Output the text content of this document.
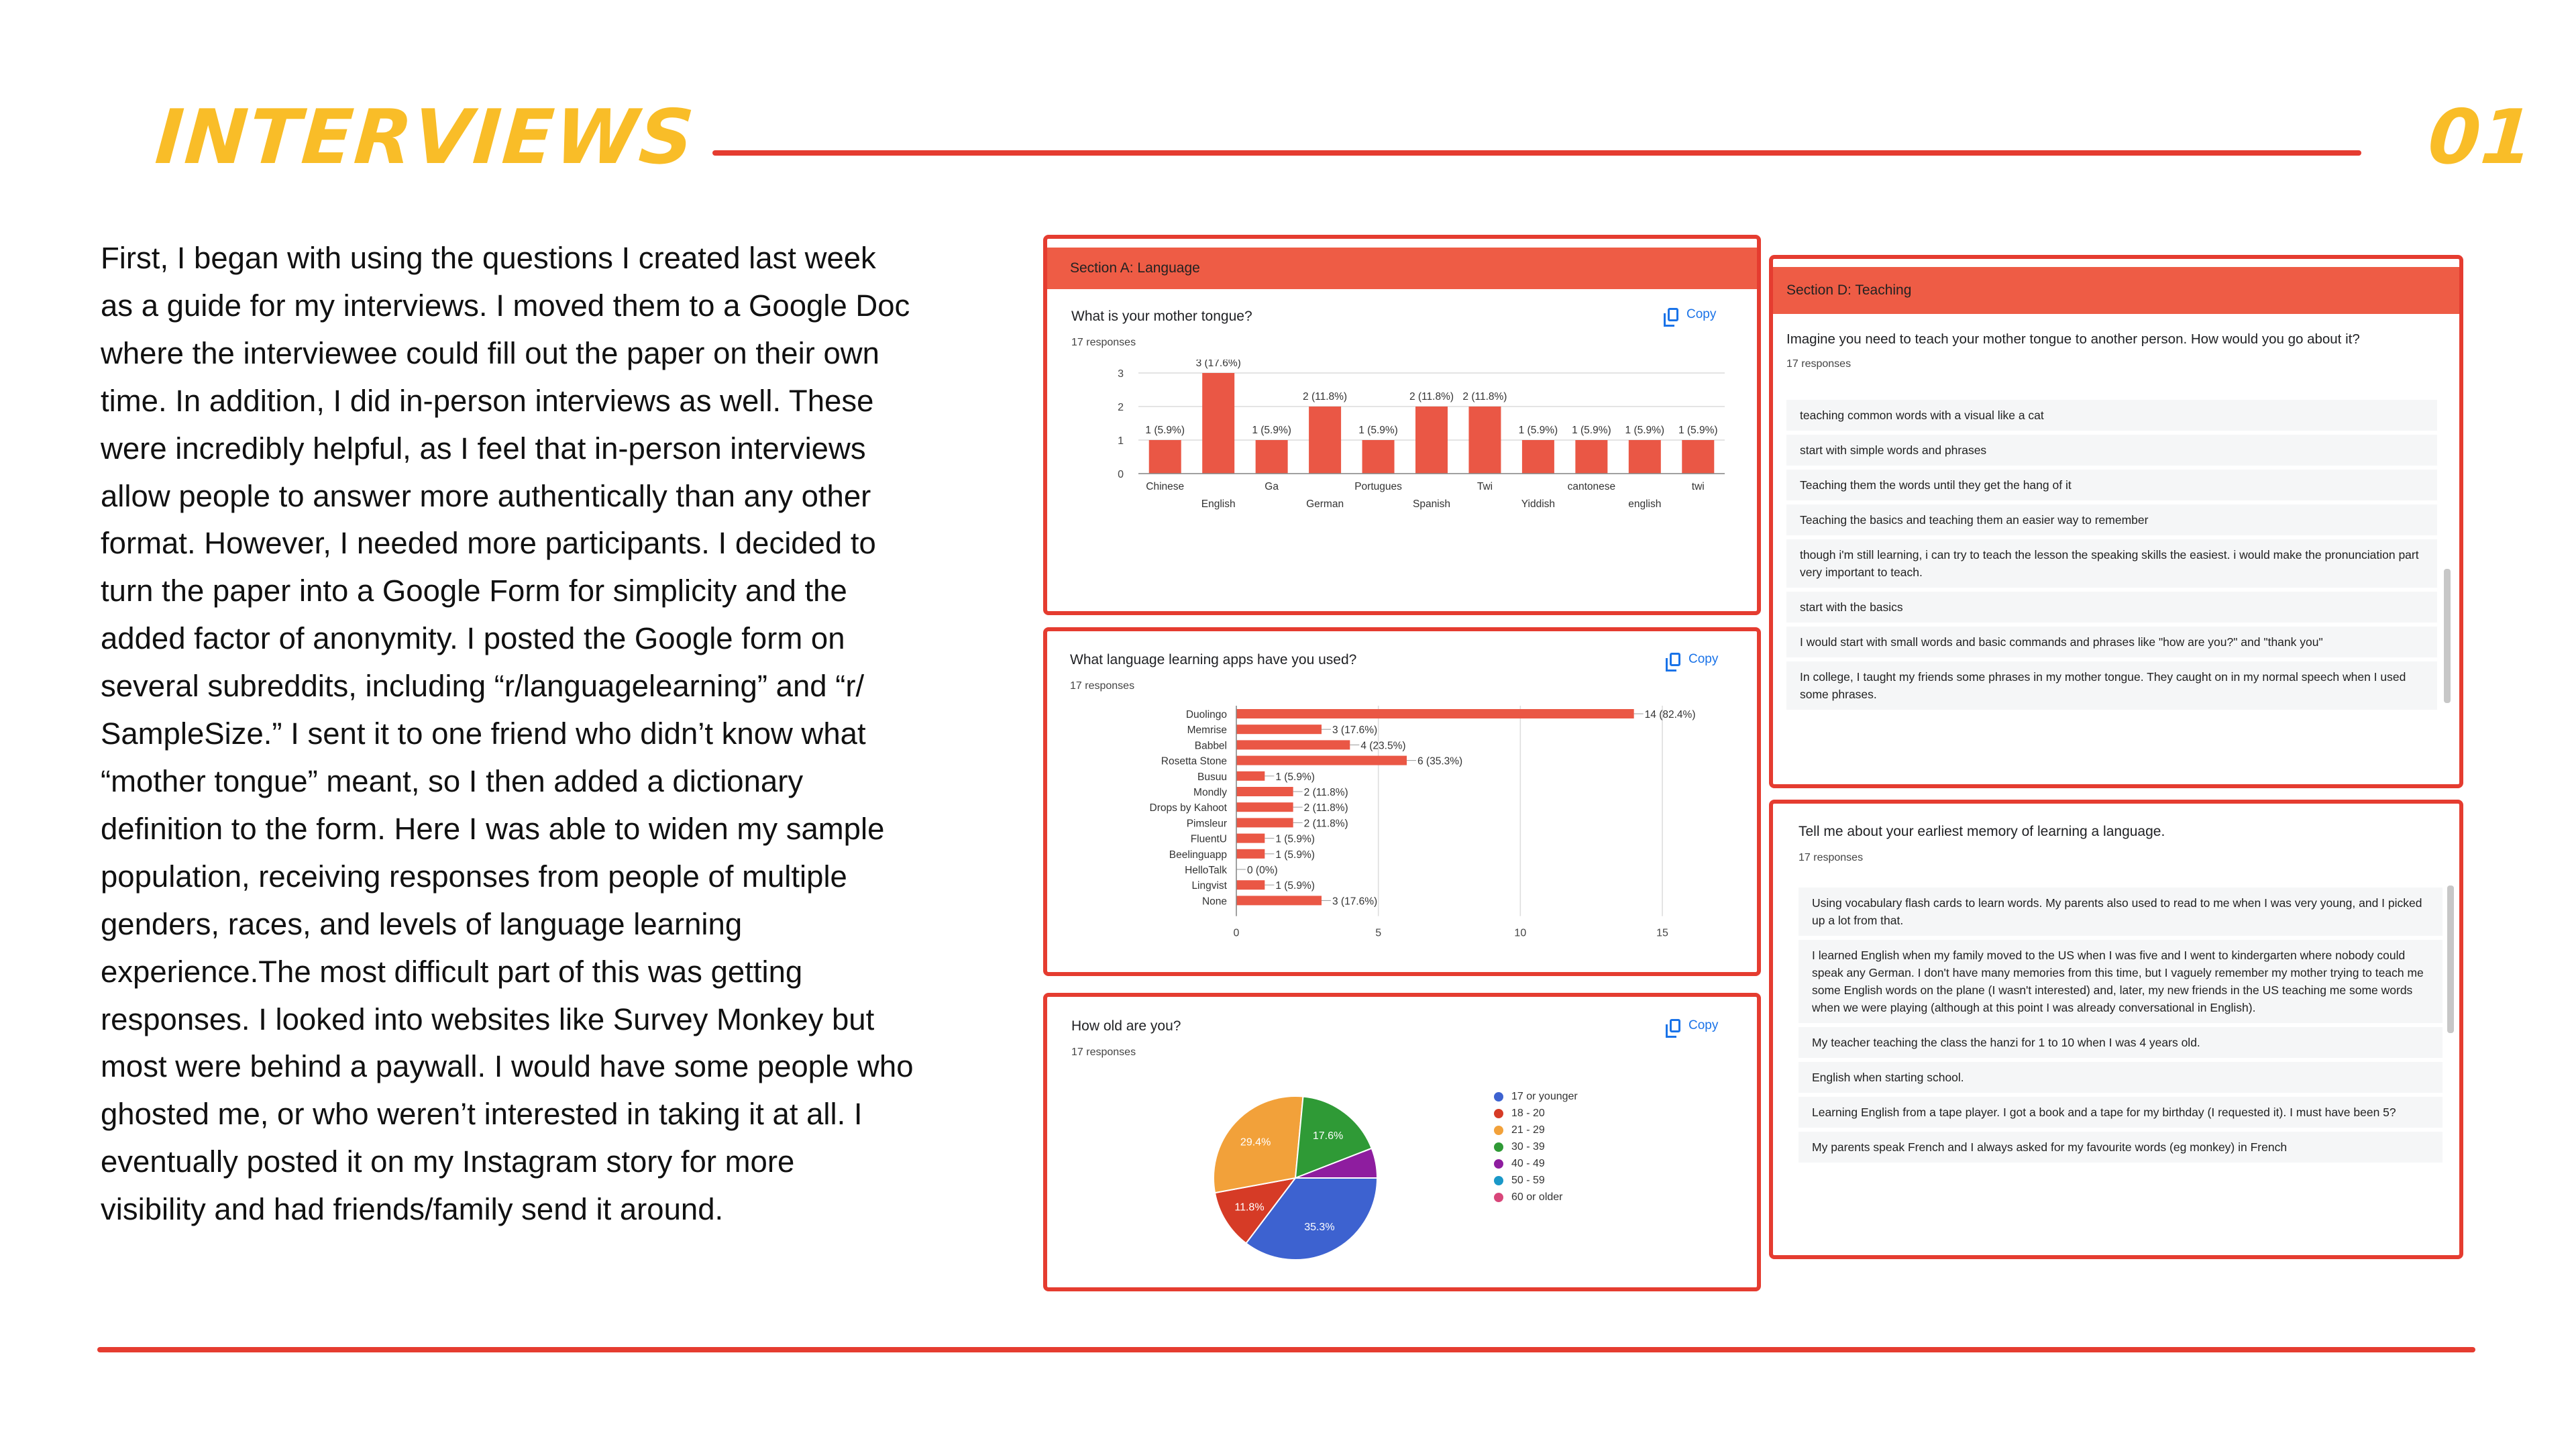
INTERVIEWS	01
First, I began with using the questions I created last week
as a guide for my interviews. I moved them to a Google Doc
where the interviewee could fill out the paper on their own
time. In addition, I did in-person interviews as well. These
were incredibly helpful, as I feel that in-person interviews
allow people to answer more authentically than any other
format. However, I needed more participants. I decided to
turn the paper into a Google Form for simplicity and the
added factor of anonymity. I posted the Google form on
several subreddits, including “r/languagelearning” and “r/
SampleSize.” I sent it to one friend who didn’t know what
“mother tongue” meant, so I then added a dictionary
definition to the form. Here I was able to widen my sample
population, receiving responses from people of multiple
genders, races, and levels of language learning
experience.The most difficult part of this was getting
responses. I looked into websites like Survey Monkey but
most were behind a paywall. I would have some people who
ghosted me, or who weren’t interested in taking it at all. I
eventually posted it on my Instagram story for more
visibility and had friends/family send it around.
Section A: Language
What is your mother tongue?
17 responses
Copy
0
1
2
3
1 (5.9%)
Chinese
3 (17.6%)
English
1 (5.9%)
Ga
2 (11.8%)
German
1 (5.9%)
Portugues
2 (11.8%)
Spanish
2 (11.8%)
Twi
1 (5.9%)
Yiddish
1 (5.9%)
cantonese
1 (5.9%)
english
1 (5.9%)
twi
What language learning apps have you used?
17 responses
Copy
0	5	10	15
Duolingo	14 (82.4%)
Memrise	3 (17.6%)
Babbel	4 (23.5%)
Rosetta Stone	6 (35.3%)
Busuu	1 (5.9%)
Mondly	2 (11.8%)
Drops by Kahoot	2 (11.8%)
Pimsleur	2 (11.8%)
FluentU	1 (5.9%)
Beelinguapp	1 (5.9%)
HelloTalk 0 (0%)
Lingvist	1 (5.9%)
None	3 (17.6%)
How old are you?
17 responses
Copy
35.3%
11.8%
29.4%
17.6%
17 or younger
18 - 20
21 - 29
30 - 39
40 - 49
50 - 59
60 or older
Section D: Teaching
Imagine you need to teach your mother tongue to another person. How would you go about it?
17 responses
teaching common words with a visual like a cat
start with simple words and phrases
Teaching them the words until they get the hang of it
Teaching the basics and teaching them an easier way to remember
though i'm still learning, i can try to teach the lesson the speaking skills the easiest. i would make the pronunciation part very important to teach.
start with the basics
I would start with small words and basic commands and phrases like "how are you?" and "thank you"
In college, I taught my friends some phrases in my mother tongue. They caught on in my normal speech when I used some phrases.
Tell me about your earliest memory of learning a language.
17 responses
Using vocabulary flash cards to learn words. My parents also used to read to me when I was very young, and I picked up a lot from that.
I learned English when my family moved to the US when I was five and I went to kindergarten where nobody could speak any German. I don't have many memories from this time, but I vaguely remember my mother trying to teach me some English words on the plane (I wasn't interested) and, later, my new friends in the US teaching me some words when we were playing (although at this point I was already conversational in English).
My teacher teaching the class the hanzi for 1 to 10 when I was 4 years old.
English when starting school.
Learning English from a tape player. I got a book and a tape for my birthday (I requested it). I must have been 5?
My parents speak French and I always asked for my favourite words (eg monkey) in French
